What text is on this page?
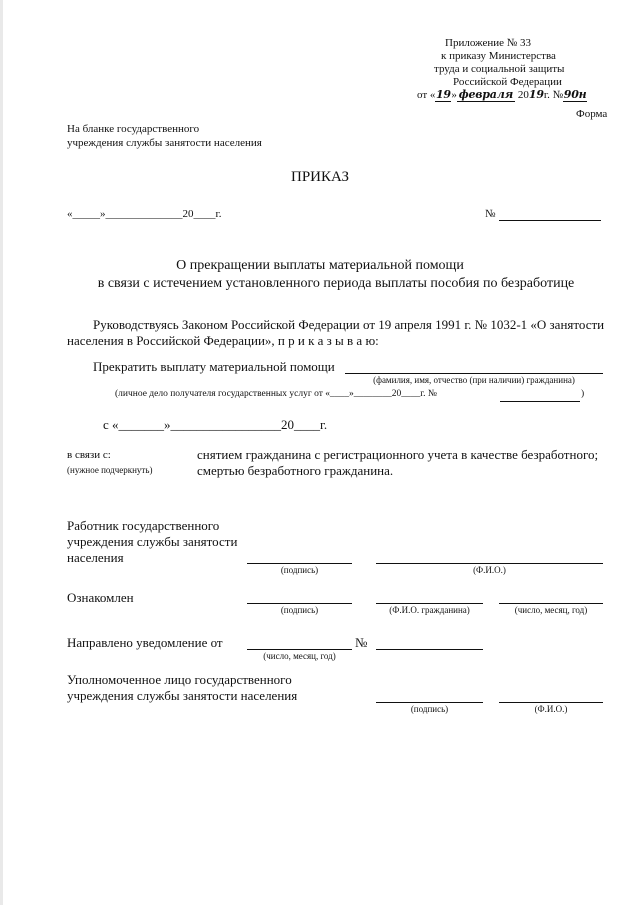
Приложение № 33
к приказу Министерства
труда и социальной защиты
Российской Федерации
от «19» февраля 2019г. №90н
Форма
На бланке государственного
учреждения службы занятости населения
ПРИКАЗ
«_____»______________20____г.	№
О прекращении выплаты материальной помощи
в связи с истечением установленного периода выплаты пособия по безработице
Руководствуясь Законом Российской Федерации от 19 апреля 1991 г. № 1032-1 «О занятости
населения в Российской Федерации», п р и к а з ы в а ю:
Прекратить выплату материальной помощи
(фамилия, имя, отчество (при наличии) гражданина)
(личное дело получателя государственных услуг от «____»________20____г. №	)
с «_______»_________________20____г.
в связи с:
(нужное подчеркнуть)
снятием гражданина с регистрационного учета в качестве безработного;
смертью безработного гражданина.
Работник государственного
учреждения службы занятости
населения
(подпись)	(Ф.И.О.)
Ознакомлен
(подпись)	(Ф.И.О. гражданина)	(число, месяц, год)
Направлено уведомление от
(число, месяц, год)
№
Уполномоченное лицо государственного
учреждения службы занятости населения
(подпись)	(Ф.И.О.)
